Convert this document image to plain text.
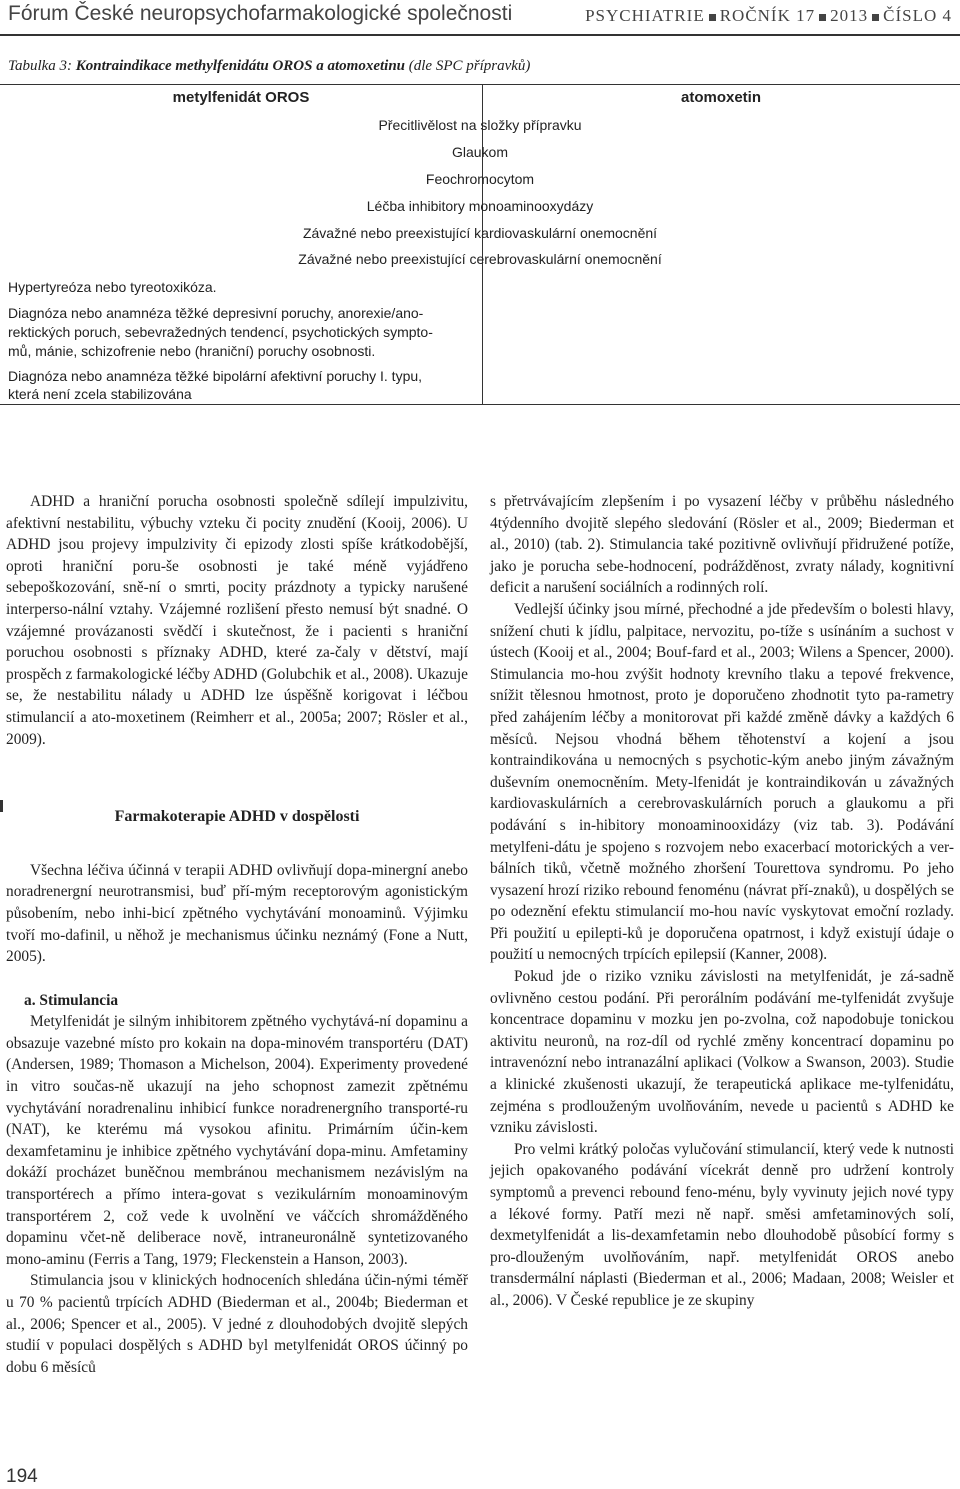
Fórum České neuropsychofarmakologické společnosti	PSYCHIATRIE ROČNÍK 17 2013 ČÍSLO 4
Tabulka 3: Kontraindikace methylfenidátu OROS a atomoxetinu (dle SPC přípravků)
metylfenidát OROS	atomoxetin
Přecitlivělost na složky přípravku
Glaukom
Feochromocytom
Léčba inhibitory monoaminooxydázy
Závažné nebo preexistující kardiovaskulární onemocnění
Závažné nebo preexistující cerebrovaskulární onemocnění
Hypertyreóza nebo tyreotoxikóza.
Diagnóza nebo anamnéza těžké depresivní poruchy, anorexie/ano-
rektických poruch, sebevražedných tendencí, psychotických sympto-
mů, mánie, schizofrenie nebo (hraniční) poruchy osobnosti.
Diagnóza nebo anamnéza těžké bipolární afektivní poruchy I. typu,
která není zcela stabilizována

ADHD a hraniční porucha osobnosti společně sdílejí impulzivitu, afektivní nestabilitu, výbuchy vzteku či pocity znudění (Kooij, 2006). U ADHD jsou projevy impulzivity či epizody zlosti spíše krátkodobější, oproti hraniční poru-še osobnosti je také méně vyjádřeno sebepoškozování, sně-ní o smrti, pocity prázdnoty a typicky narušené interperso-nální vztahy. Vzájemné rozlišení přesto nemusí být snadné. O vzájemné provázanosti svědčí i skutečnost, že i pacienti s hraniční poruchou osobnosti s příznaky ADHD, které za-čaly v dětství, mají prospěch z farmakologické léčby ADHD (Golubchik et al., 2008). Ukazuje se, že nestabilitu nálady u ADHD lze úspěšně korigovat i léčbou stimulancií a ato-moxetinem (Reimherr et al., 2005a; 2007; Rösler et al., 2009).

Farmakoterapie ADHD v dospělosti

Všechna léčiva účinná v terapii ADHD ovlivňují dopa-minergní anebo noradrenergní neurotransmisi, buď pří-mým receptorovým agonistickým působením, nebo inhi-bicí zpětného vychytávání monoaminů. Výjimku tvoří mo-dafinil, u něhož je mechanismus účinku neznámý (Fone a Nutt, 2005).

a. Stimulancia

Metylfenidát je silným inhibitorem zpětného vychytává-ní dopaminu a obsazuje vazebné místo pro kokain na dopa-minovém transportéru (DAT) (Andersen, 1989; Thomason a Michelson, 2004). Experimenty provedené in vitro součas-ně ukazují na jeho schopnost zamezit zpětnému vychytávání noradrenalinu inhibicí funkce noradrenergního transporté-ru (NAT), ke kterému má vysokou afinitu. Primárním účin-kem dexamfetaminu je inhibice zpětného vychytávání dopa-minu. Amfetaminy dokáží procházet buněčnou membránou mechanismem nezávislým na transportérech a přímo intera-govat s vezikulárním monoaminovým transportérem 2, což vede k uvolnění ve váčcích shromážděného dopaminu včet-ně deliberace nově, intraneuronálně syntetizovaného mono-aminu (Ferris a Tang, 1979; Fleckenstein a Hanson, 2003).

Stimulancia jsou v klinických hodnoceních shledána účin-nými téměř u 70 % pacientů trpících ADHD (Biederman et al., 2004b; Biederman et al., 2006; Spencer et al., 2005). V jedné z dlouhodobých dvojitě slepých studií v populaci dospělých s ADHD byl metylfenidát OROS účinný po dobu 6 měsíců

s přetrvávajícím zlepšením i po vysazení léčby v průběhu následného 4týdenního dvojitě slepého sledování (Rösler et al., 2009; Biederman et al., 2010) (tab. 2). Stimulancia také pozitivně ovlivňují přidružené potíže, jako je porucha sebe-hodnocení, podrážděnost, zvraty nálady, kognitivní deficit a narušení sociálních a rodinných rolí.

Vedlejší účinky jsou mírné, přechodné a jde především o bolesti hlavy, snížení chuti k jídlu, palpitace, nervozitu, po-tíže s usínáním a suchost v ústech (Kooij et al., 2004; Bouf-fard et al., 2003; Wilens a Spencer, 2000). Stimulancia mo-hou zvýšit hodnoty krevního tlaku a tepové frekvence, snížit tělesnou hmotnost, proto je doporučeno zhodnotit tyto pa-rametry před zahájením léčby a monitorovat při každé změně dávky a každých 6 měsíců. Nejsou vhodná během těhotenství a kojení a jsou kontraindikována u nemocných s psychotic-kým anebo jiným závažným duševním onemocněním. Mety-lfenidát je kontraindikován u závažných kardiovaskulárních a cerebrovaskulárních poruch a glaukomu a při podávání s in-hibitory monoaminooxidázy (viz tab. 3). Podávání metylfeni-dátu je spojeno s rozvojem nebo exacerbací motorických a ver-bálních tiků, včetně možného zhoršení Tourettova syndromu. Po jeho vysazení hrozí riziko rebound fenoménu (návrat pří-znaků), u dospělých se po odeznění efektu stimulancií mo-hou navíc vyskytovat emoční rozlady. Při použití u epilepti-ků je doporučena opatrnost, i když existují údaje o použití u nemocných trpících epilepsií (Kanner, 2008).

Pokud jde o riziko vzniku závislosti na metylfenidát, je zá-sadně ovlivněno cestou podání. Při perorálním podávání me-tylfenidát zvyšuje koncentrace dopaminu v mozku jen po-zvolna, což napodobuje tonickou aktivitu neuronů, na roz-díl od rychlé změny koncentrací dopaminu po intravenózní nebo intranazální aplikaci (Volkow a Swanson, 2003). Studie a klinické zkušenosti ukazují, že terapeutická aplikace me-tylfenidátu, zejména s prodlouženým uvolňováním, nevede u pacientů s ADHD ke vzniku závislosti.

Pro velmi krátký poločas vylučování stimulancií, který vede k nutnosti jejich opakovaného podávání vícekrát denně pro udržení kontroly symptomů a prevenci rebound feno-ménu, byly vyvinuty jejich nové typy a lékové formy. Patří mezi ně např. směsi amfetaminových solí, dexmetylfenidát a lis-dexamfetamin nebo dlouhodobě působící formy s pro-dlouženým uvolňováním, např. metylfenidát OROS anebo transdermální náplasti (Biederman et al., 2006; Madaan, 2008; Weisler et al., 2006). V České republice je ze skupiny

194
